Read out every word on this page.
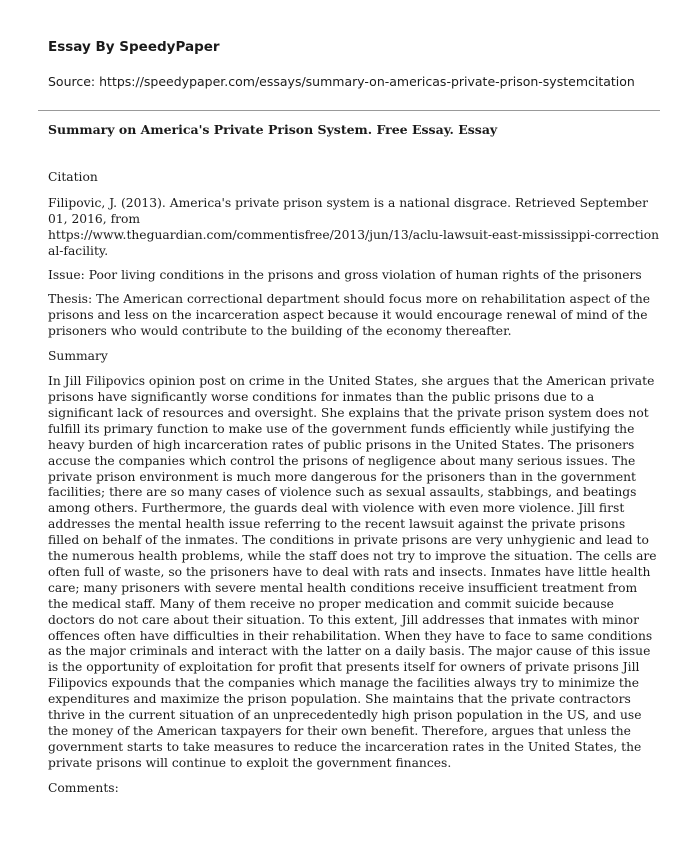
Essay By SpeedyPaper

Source: https://speedypaper.com/essays/summary-on-americas-private-prison-systemcitation
Summary on America's Private Prison System. Free Essay. Essay

Citation

Filipovic, J. (2013). America's private prison system is a national disgrace. Retrieved September 01, 2016, from
https://www.theguardian.com/commentisfree/2013/jun/13/aclu-lawsuit-east-mississippi-correctional-facility.

Issue: Poor living conditions in the prisons and gross violation of human rights of the prisoners

Thesis: The American correctional department should focus more on rehabilitation aspect of the prisons and less on the incarceration aspect because it would encourage renewal of mind of the prisoners who would contribute to the building of the economy thereafter.

Summary

In Jill Filipovics opinion post on crime in the United States, she argues that the American private prisons have significantly worse conditions for inmates than the public prisons due to a significant lack of resources and oversight. She explains that the private prison system does not fulfill its primary function to make use of the government funds efficiently while justifying the heavy burden of high incarceration rates of public prisons in the United States. The prisoners accuse the companies which control the prisons of negligence about many serious issues. The private prison environment is much more dangerous for the prisoners than in the government facilities; there are so many cases of violence such as sexual assaults, stabbings, and beatings among others. Furthermore, the guards deal with violence with even more violence. Jill first addresses the mental health issue referring to the recent lawsuit against the private prisons filled on behalf of the inmates. The conditions in private prisons are very unhygienic and lead to the numerous health problems, while the staff does not try to improve the situation. The cells are often full of waste, so the prisoners have to deal with rats and insects. Inmates have little health care; many prisoners with severe mental health conditions receive insufficient treatment from the medical staff. Many of them receive no proper medication and commit suicide because doctors do not care about their situation. To this extent, Jill addresses that inmates with minor offences often have difficulties in their rehabilitation. When they have to face to same conditions as the major criminals and interact with the latter on a daily basis. The major cause of this issue is the opportunity of exploitation for profit that presents itself for owners of private prisons Jill Filipovics expounds that the companies which manage the facilities always try to minimize the expenditures and maximize the prison population. She maintains that the private contractors thrive in the current situation of an unprecedentedly high prison population in the US, and use the money of the American taxpayers for their own benefit. Therefore, argues that unless the government starts to take measures to reduce the incarceration rates in the United States, the private prisons will continue to exploit the government finances.

Comments:
